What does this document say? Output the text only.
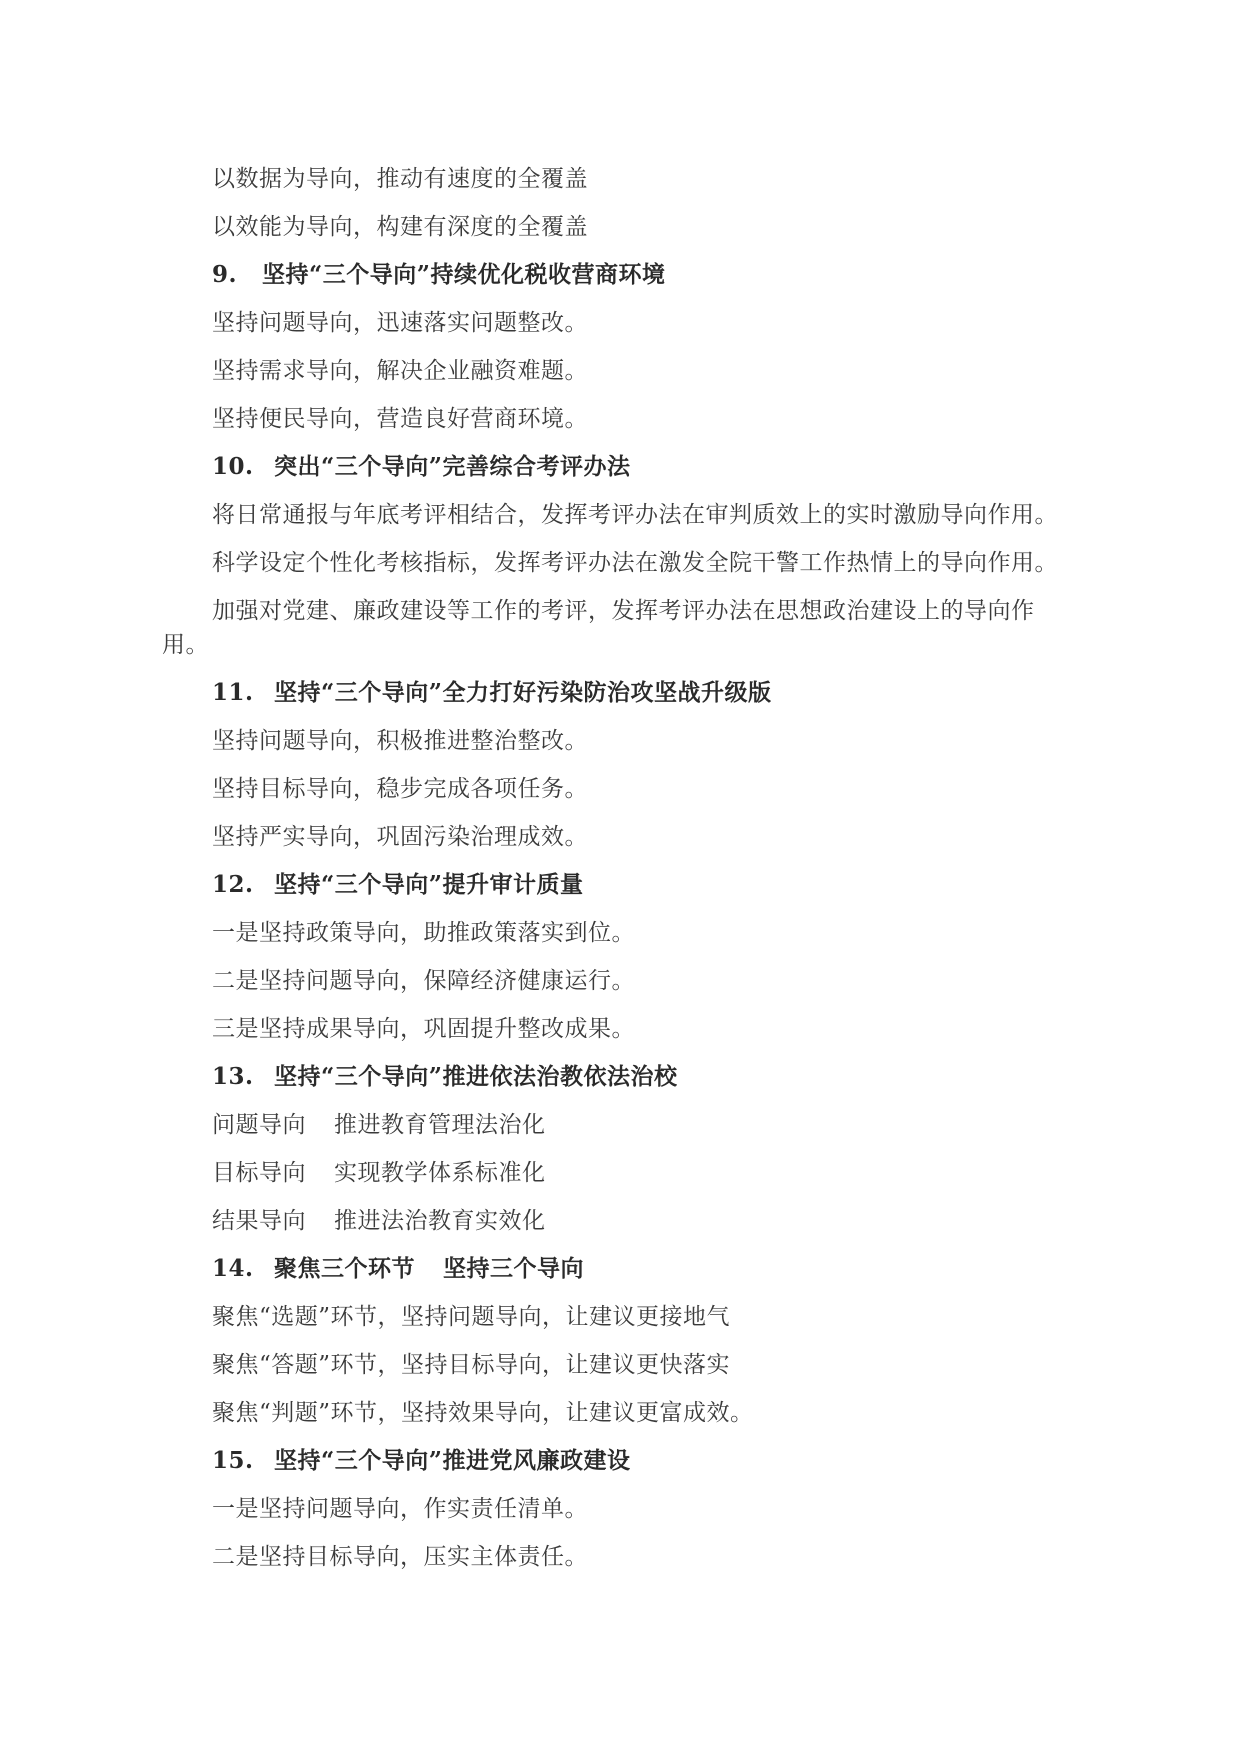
以数据为导向，推动有速度的全覆盖
以效能为导向，构建有深度的全覆盖
9. 坚持“三个导向”持续优化税收营商环境
坚持问题导向，迅速落实问题整改。
坚持需求导向，解决企业融资难题。
坚持便民导向，营造良好营商环境。
10. 突出“三个导向”完善综合考评办法
将日常通报与年底考评相结合，发挥考评办法在审判质效上的实时激励导向作用。
科学设定个性化考核指标，发挥考评办法在激发全院干警工作热情上的导向作用。
加强对党建、廉政建设等工作的考评，发挥考评办法在思想政治建设上的导向作用。
11. 坚持“三个导向”全力打好污染防治攻坚战升级版
坚持问题导向，积极推进整治整改。
坚持目标导向，稳步完成各项任务。
坚持严实导向，巩固污染治理成效。
12. 坚持“三个导向”提升审计质量
一是坚持政策导向，助推政策落实到位。
二是坚持问题导向，保障经济健康运行。
三是坚持成果导向，巩固提升整改成果。
13. 坚持“三个导向”推进依法治教依法治校
问题导向 推进教育管理法治化
目标导向 实现教学体系标准化
结果导向 推进法治教育实效化
14. 聚焦三个环节 坚持三个导向
聚焦“选题”环节，坚持问题导向，让建议更接地气
聚焦“答题”环节，坚持目标导向，让建议更快落实
聚焦“判题”环节，坚持效果导向，让建议更富成效。
15. 坚持“三个导向”推进党风廉政建设
一是坚持问题导向，作实责任清单。
二是坚持目标导向，压实主体责任。
